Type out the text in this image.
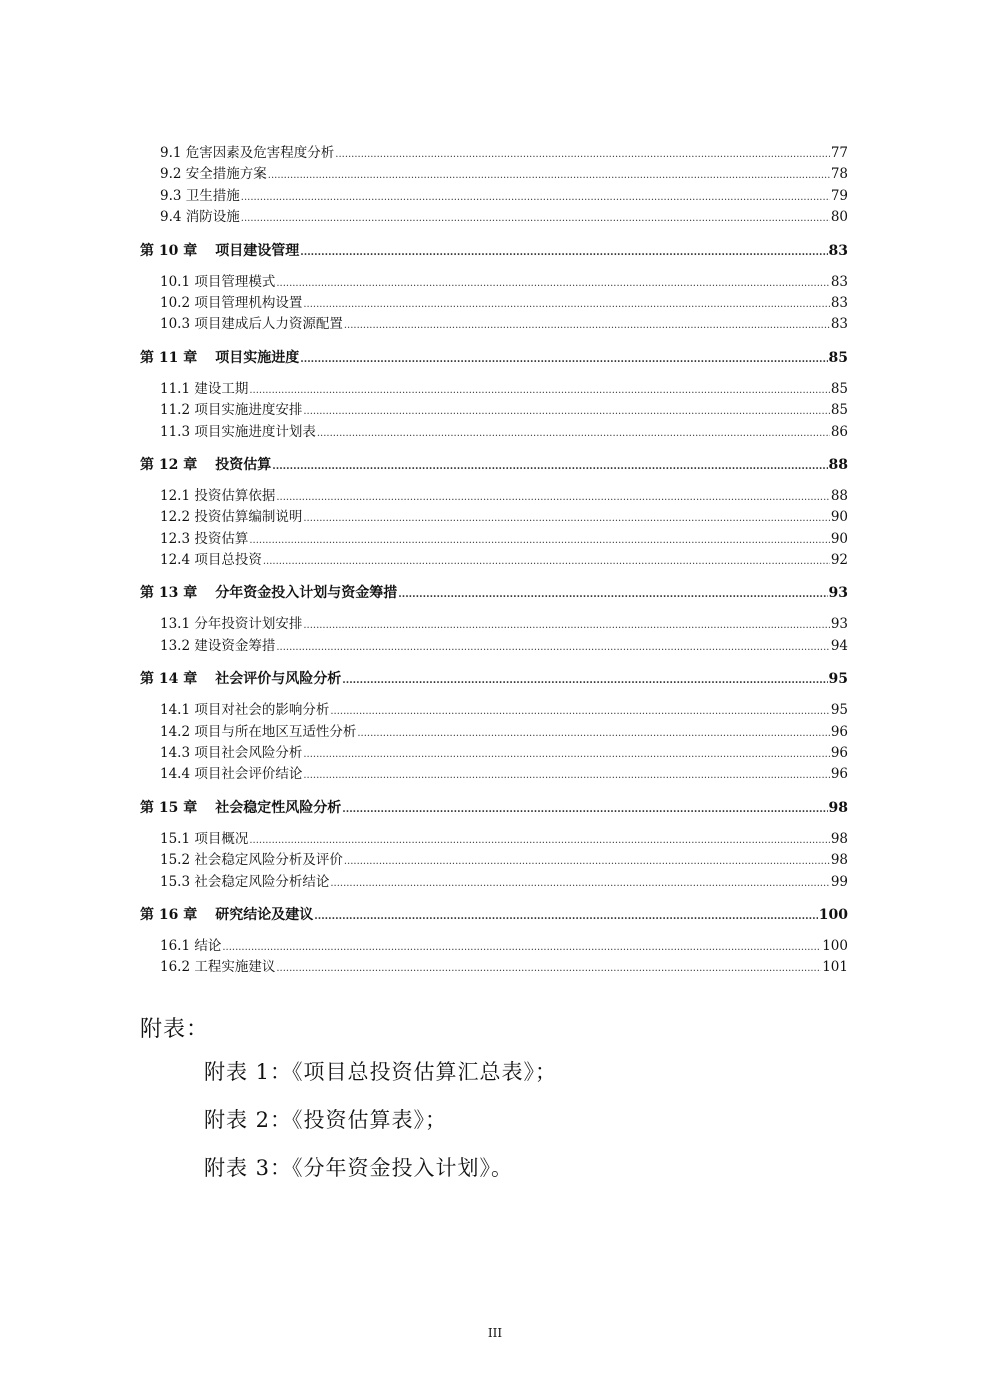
9.1 危害因素及危害程度分析 .....	77
9.2 安全措施方案 .....	78
9.3 卫生措施 .....	79
9.4 消防设施 .....	80
第 10 章 项目建设管理 .....	83
10.1 项目管理模式 .....	83
10.2 项目管理机构设置 .....	83
10.3 项目建成后人力资源配置 .....	83
第 11 章 项目实施进度 .....	85
11.1 建设工期 .....	85
11.2 项目实施进度安排 .....	85
11.3 项目实施进度计划表 .....	86
第 12 章 投资估算 .....	88
12.1 投资估算依据 .....	88
12.2 投资估算编制说明 .....	90
12.3 投资估算 .....	90
12.4 项目总投资 .....	92
第 13 章 分年资金投入计划与资金筹措 .....	93
13.1 分年投资计划安排 .....	93
13.2 建设资金筹措 .....	94
第 14 章 社会评价与风险分析 .....	95
14.1 项目对社会的影响分析 .....	95
14.2 项目与所在地区互适性分析 .....	96
14.3 项目社会风险分析 .....	96
14.4 项目社会评价结论 .....	96
第 15 章 社会稳定性风险分析 .....	98
15.1 项目概况 .....	98
15.2 社会稳定风险分析及评价 .....	98
15.3 社会稳定风险分析结论 .....	99
第 16 章 研究结论及建议 .....	100
16.1 结论 .....	100
16.2 工程实施建议 .....	101
附表：
附表 1：《项目总投资估算汇总表》；
附表 2：《投资估算表》；
附表 3：《分年资金投入计划》。
III
